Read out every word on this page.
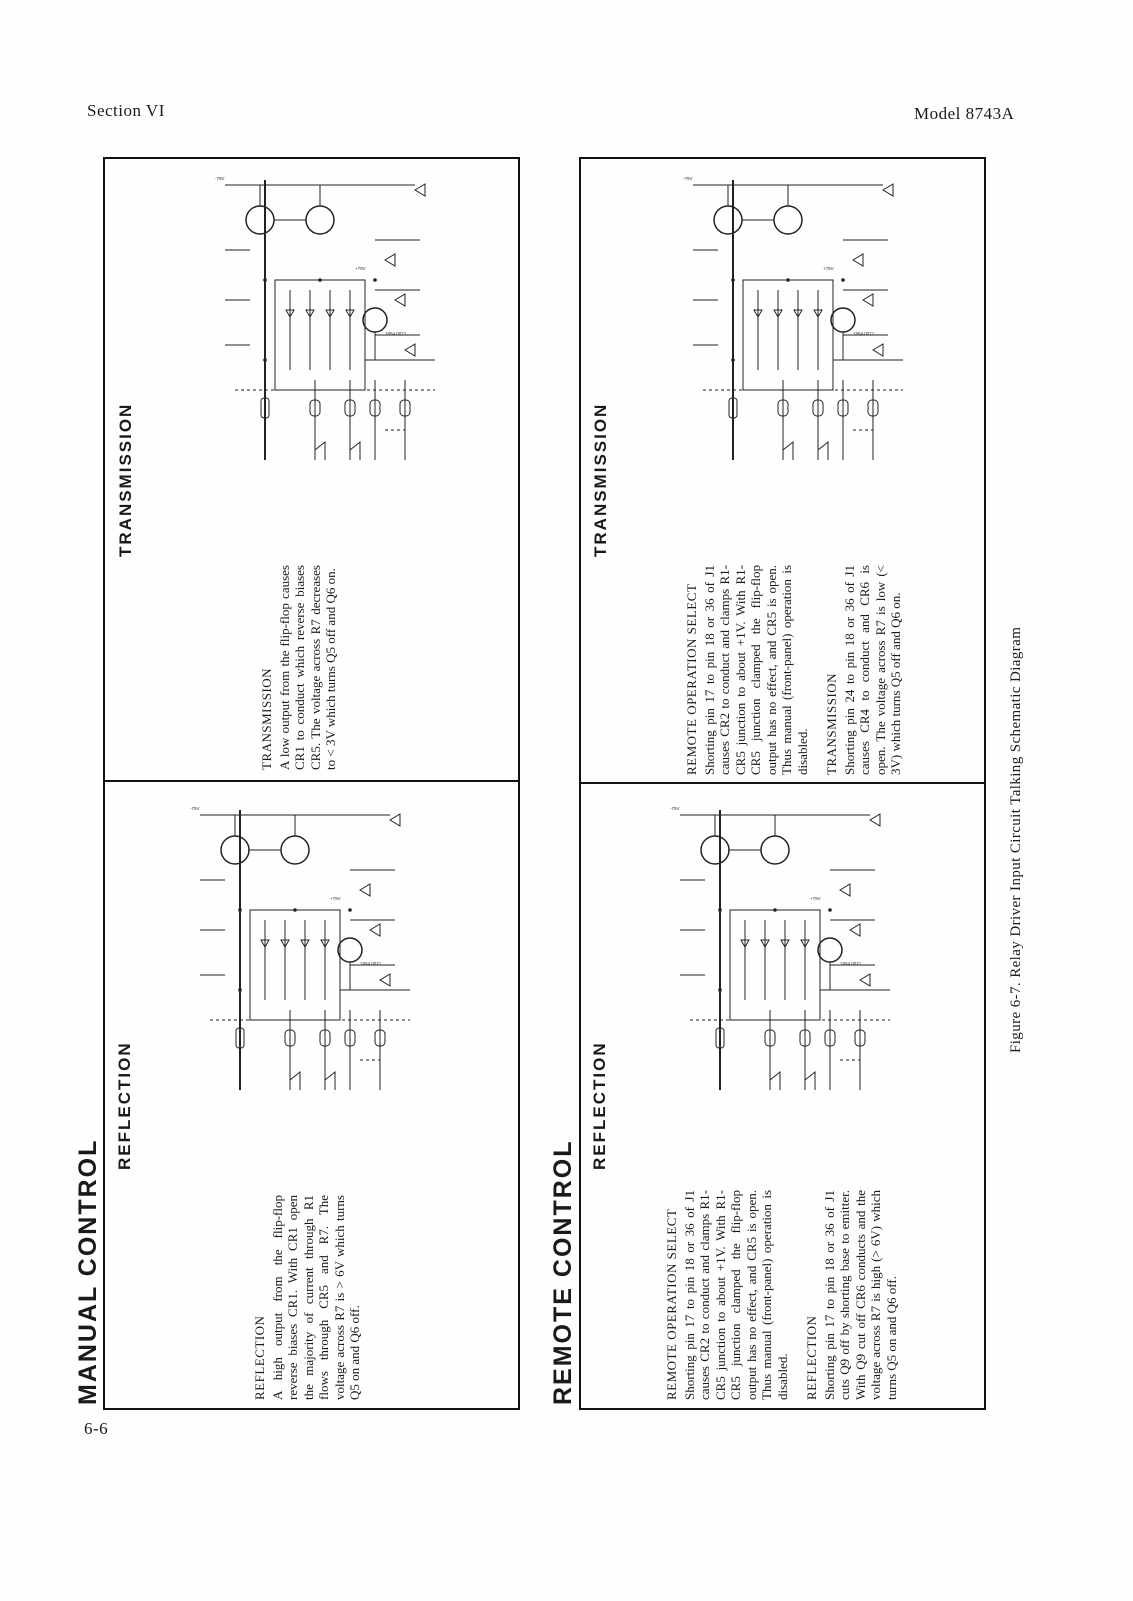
Section VI	Model 8743A
6-6
Figure 6-7. Relay Driver Input Circuit Talking Schematic Diagram
MANUAL CONTROL
REFLECTION

REFLECTION A high output from the flip-flop reverse biases CR1. With CR1 open the majority of current through R1 flows through CR5 and R7. The voltage across R7 is > 6V which turns Q5 on and Q6 off.

TRANSMISSION

TRANSMISSION A low output from the flip-flop causes CR1 to conduct which reverse biases CR5. The voltage across R7 decreases to < 3V which turns Q5 off and Q6 on.

REMOTE CONTROL
REFLECTION

REMOTE OPERATION SELECT Shorting pin 17 to pin 18 or 36 of J1 causes CR2 to conduct and clamps R1-CR5 junction to about +1V. With R1-CR5 junction clamped the flip-flop output has no effect, and CR5 is open. Thus manual (front-panel) operation is disabled. REFLECTION Shorting pin 17 to pin 18 or 36 of J1 cuts Q9 off by shorting base to emitter. With Q9 cut off CR6 conducts and the voltage across R7 is high (> 6V) which turns Q5 on and Q6 off.

TRANSMISSION

REMOTE OPERATION SELECT Shorting pin 17 to pin 18 or 36 of J1 causes CR2 to conduct and clamps R1-CR5 junction to about +1V. With R1-CR5 junction clamped the flip-flop output has no effect, and CR5 is open. Thus manual (front-panel) operation is disabled. TRANSMISSION Shorting pin 24 to pin 18 or 36 of J1 causes CR4 to conduct and CR6 is open. The voltage across R7 is low (< 3V) which turns Q5 off and Q6 on.

-79V
+79V
1854 0071
-79V
+79V
1854 0071
-79V
+79V
1854 0071
-79V
+79V
1854 0071
